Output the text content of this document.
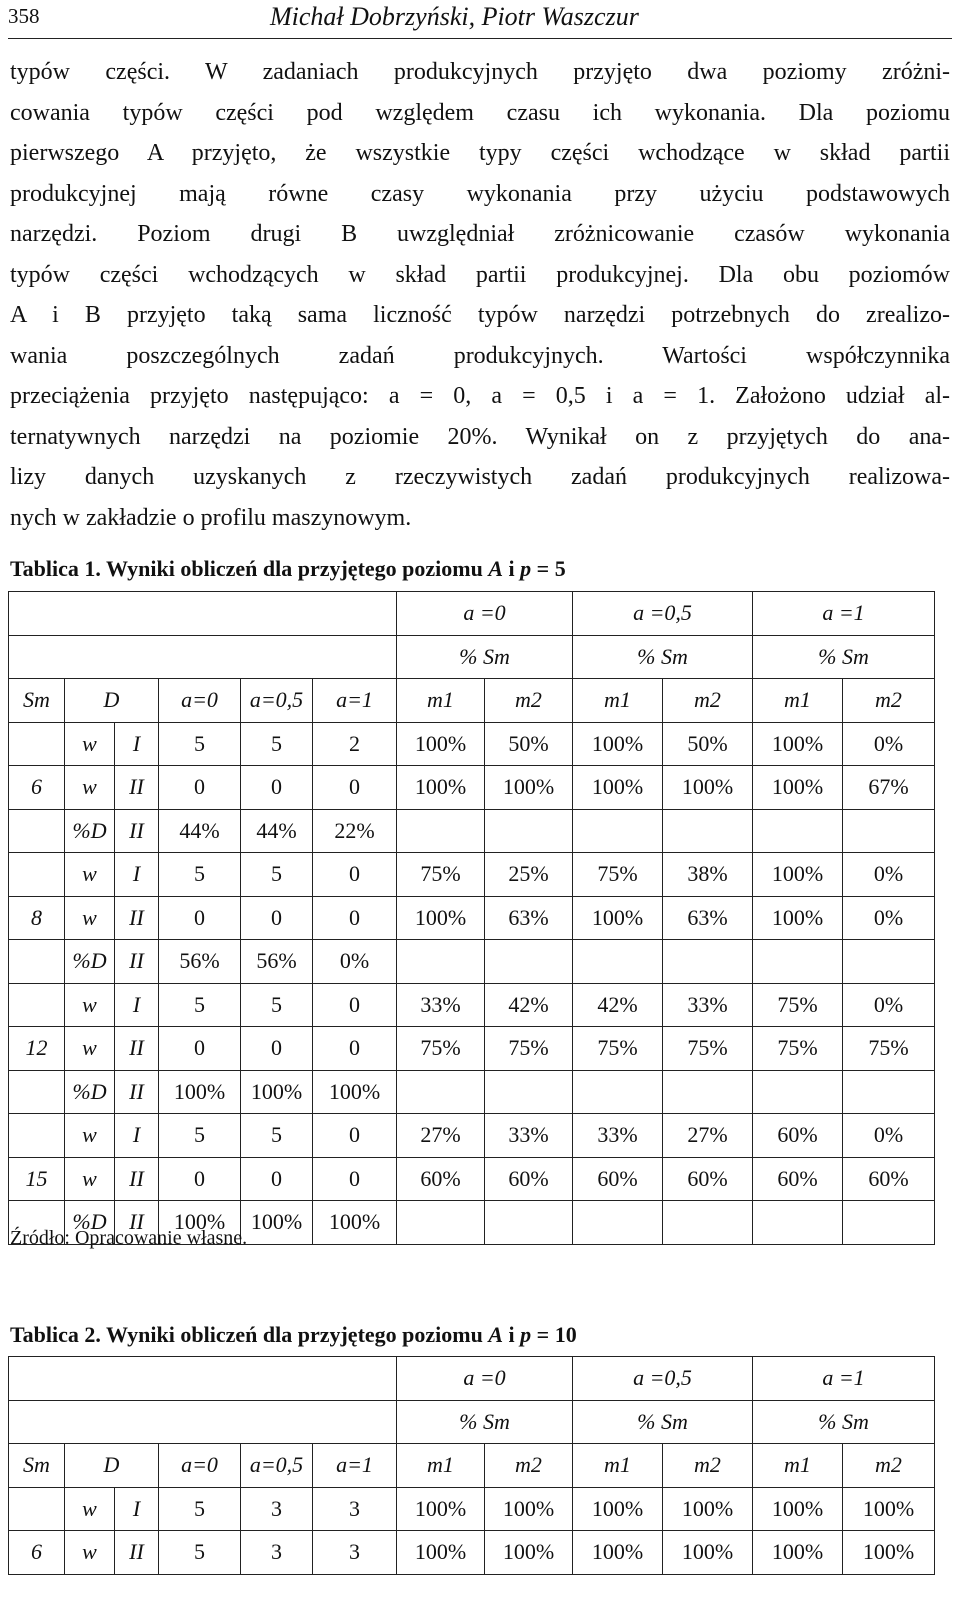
358	Michał Dobrzyński, Piotr Waszczur
typów części. W zadaniach produkcyjnych przyjęto dwa poziomy zróżni-
cowania typów części pod względem czasu ich wykonania. Dla poziomu
pierwszego A przyjęto, że wszystkie typy części wchodzące w skład partii
produkcyjnej mają równe czasy wykonania przy użyciu podstawowych
narzędzi. Poziom drugi B uwzględniał zróżnicowanie czasów wykonania
typów części wchodzących w skład partii produkcyjnej. Dla obu poziomów
A i B przyjęto taką sama liczność typów narzędzi potrzebnych do zrealizo-
wania poszczególnych zadań produkcyjnych. Wartości współczynnika
przeciążenia przyjęto następująco: a = 0, a = 0,5 i a = 1. Założono udział al-
ternatywnych narzędzi na poziomie 20%. Wynikał on z przyjętych do ana-
lizy danych uzyskanych z rzeczywistych zadań produkcyjnych realizowa-
nych w zakładzie o profilu maszynowym.
Tablica 1. Wyniki obliczeń dla przyjętego poziomu A i p = 5
						a =0		a =0,5		a =1	
						% Sm		% Sm		% Sm	
Sm	D		a=0	a=0,5	a=1	m1	m2	m1	m2	m1	m2
	w	I	5	5	2	100%	50%	100%	50%	100%	0%
6	w	II	0	0	0	100%	100%	100%	100%	100%	67%
	%D	II	44%	44%	22%						
	w	I	5	5	0	75%	25%	75%	38%	100%	0%
8	w	II	0	0	0	100%	63%	100%	63%	100%	0%
	%D	II	56%	56%	0%						
	w	I	5	5	0	33%	42%	42%	33%	75%	0%
12	w	II	0	0	0	75%	75%	75%	75%	75%	75%
	%D	II	100%	100%	100%						
	w	I	5	5	0	27%	33%	33%	27%	60%	0%
15	w	II	0	0	0	60%	60%	60%	60%	60%	60%
	%D	II	100%	100%	100%						
Źródło: Opracowanie własne.
Tablica 2. Wyniki obliczeń dla przyjętego poziomu A i p = 10
						a =0		a =0,5		a =1	
						% Sm		% Sm		% Sm	
Sm	D		a=0	a=0,5	a=1	m1	m2	m1	m2	m1	m2
	w	I	5	3	3	100%	100%	100%	100%	100%	100%
6	w	II	5	3	3	100%	100%	100%	100%	100%	100%
